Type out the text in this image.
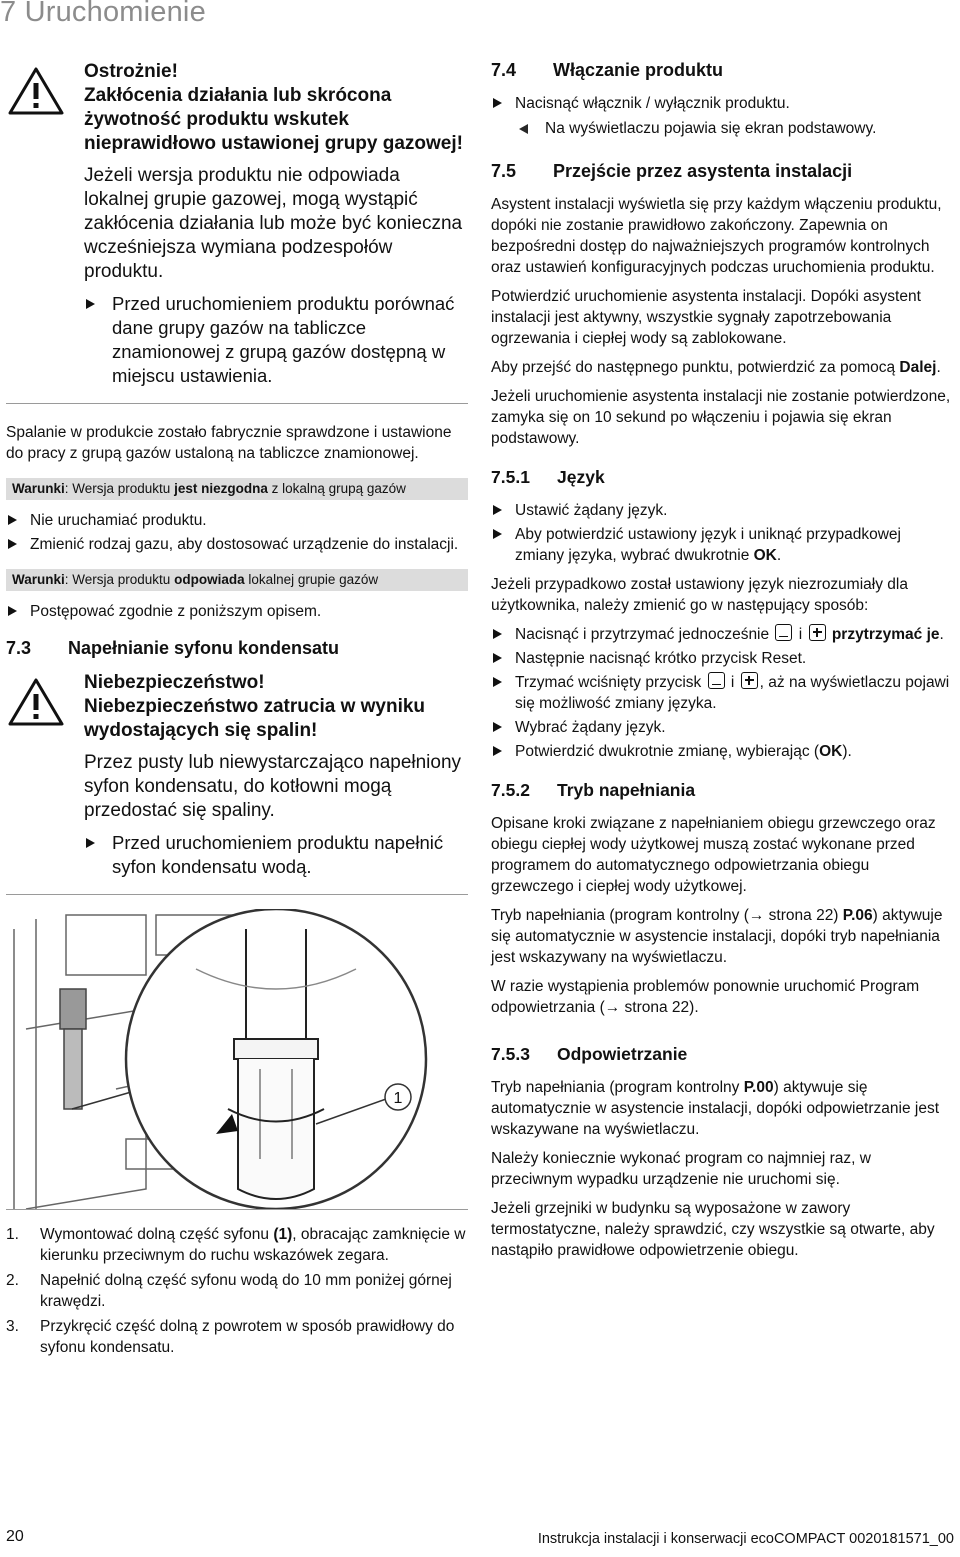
7 Uruchomienie
Ostrożnie!
Zakłócenia działania lub skrócona żywotność produktu wskutek nieprawidłowo ustawionej grupy gazowej!
Jeżeli wersja produktu nie odpowiada lokalnej grupie gazowej, mogą wystąpić zakłócenia działania lub może być konieczna wcześniejsza wymiana podzespołów produktu.
Przed uruchomieniem produktu porównać dane grupy gazów na tabliczce znamionowej z grupą gazów dostępną w miejscu ustawienia.
Spalanie w produkcie zostało fabrycznie sprawdzone i ustawione do pracy z grupą gazów ustaloną na tabliczce znamionowej.
Warunki: Wersja produktu jest niezgodna z lokalną grupą gazów
Nie uruchamiać produktu.
Zmienić rodzaj gazu, aby dostosować urządzenie do instalacji.
Warunki: Wersja produktu odpowiada lokalnej grupie gazów
Postępować zgodnie z poniższym opisem.
7.3	Napełnianie syfonu kondensatu
Niebezpieczeństwo!
Niebezpieczeństwo zatrucia w wyniku wydostających się spalin!
Przez pusty lub niewystarczająco napełniony syfon kondensatu, do kotłowni mogą przedostać się spaliny.
Przed uruchomieniem produktu napełnić syfon kondensatu wodą.
1
1. Wymontować dolną część syfonu (1), obracając zamknięcie w kierunku przeciwnym do ruchu wskazówek zegara.
2. Napełnić dolną część syfonu wodą do 10 mm poniżej górnej krawędzi.
3. Przykręcić część dolną z powrotem w sposób prawidłowy do syfonu kondensatu.
7.4	Włączanie produktu
Nacisnąć włącznik / wyłącznik produktu.
Na wyświetlaczu pojawia się ekran podstawowy.
7.5	Przejście przez asystenta instalacji
Asystent instalacji wyświetla się przy każdym włączeniu produktu, dopóki nie zostanie prawidłowo zakończony. Zapewnia on bezpośredni dostęp do najważniejszych programów kontrolnych oraz ustawień konfiguracyjnych podczas uruchomienia produktu.
Potwierdzić uruchomienie asystenta instalacji. Dopóki asystent instalacji jest aktywny, wszystkie sygnały zapotrzebowania ogrzewania i ciepłej wody są zablokowane.
Aby przejść do następnego punktu, potwierdzić za pomocą Dalej.
Jeżeli uruchomienie asystenta instalacji nie zostanie potwierdzone, zamyka się on 10 sekund po włączeniu i pojawia się ekran podstawowy.
7.5.1	Język
Ustawić żądany język.
Aby potwierdzić ustawiony język i uniknąć przypadkowej zmiany języka, wybrać dwukrotnie OK.
Jeżeli przypadkowo został ustawiony język niezrozumiały dla użytkownika, należy zmienić go w następujący sposób:
Nacisnąć i przytrzymać jednocześnie  i  przytrzymać je.
Następnie nacisnąć krótko przycisk Reset.
Trzymać wciśnięty przycisk  i , aż na wyświetlaczu pojawi się możliwość zmiany języka.
Wybrać żądany język.
Potwierdzić dwukrotnie zmianę, wybierając (OK).
7.5.2	Tryb napełniania
Opisane kroki związane z napełnianiem obiegu grzewczego oraz obiegu ciepłej wody użytkowej muszą zostać wykonane przed programem do automatycznego odpowietrzania obiegu grzewczego i ciepłej wody użytkowej.
Tryb napełniania (program kontrolny (→ strona 22) P.06) aktywuje się automatycznie w asystencie instalacji, dopóki tryb napełniania jest wskazywany na wyświetlaczu.
W razie wystąpienia problemów ponownie uruchomić Program odpowietrzania (→ strona 22).
7.5.3	Odpowietrzanie
Tryb napełniania (program kontrolny P.00) aktywuje się automatycznie w asystencie instalacji, dopóki odpowietrzanie jest wskazywane na wyświetlaczu.
Należy koniecznie wykonać program co najmniej raz, w przeciwnym wypadku urządzenie nie uruchomi się.
Jeżeli grzejniki w budynku są wyposażone w zawory termostatyczne, należy sprawdzić, czy wszystkie są otwarte, aby nastąpiło prawidłowe odpowietrzenie obiegu.
20	Instrukcja instalacji i konserwacji ecoCOMPACT 0020181571_00
